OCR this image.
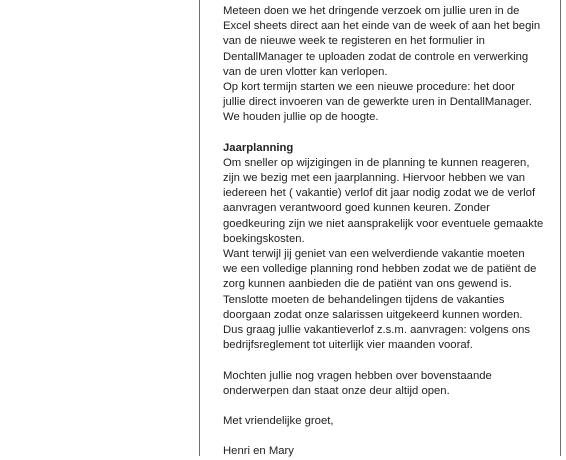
Meteen doen we het dringende verzoek om jullie uren in de
Excel sheets direct aan het einde van de week of aan het begin
van de nieuwe week te registeren en het formulier in
DentallManager te uploaden zodat de controle en verwerking
van de uren vlotter kan verlopen.
Op kort termijn starten we een nieuwe procedure: het door
jullie direct invoeren van de gewerkte uren in DentallManager.
We houden jullie op de hoogte.
Jaarplanning
Om sneller op wijzigingen in de planning te kunnen reageren,
zijn we bezig met een jaarplanning. Hiervoor hebben we van
iedereen het ( vakantie) verlof dit jaar nodig zodat we de verlof
aanvragen verantwoord goed kunnen keuren. Zonder
goedkeuring zijn we niet aansprakelijk voor eventuele gemaakte
boekingskosten.
Want terwijl jij geniet van een welverdiende vakantie moeten
we een volledige planning rond hebben zodat we de patiënt de
zorg kunnen aanbieden die de patiënt van ons gewend is.
Tenslotte moeten de behandelingen tijdens de vakanties
doorgaan zodat onze salarissen uitgekeerd kunnen worden.
Dus graag jullie vakantieverlof z.s.m. aanvragen: volgens ons
bedrijfsreglement tot uiterlijk vier maanden vooraf.
Mochten jullie nog vragen hebben over bovenstaande
onderwerpen dan staat onze deur altijd open.
Met vriendelijke groet,
Henri en Mary
